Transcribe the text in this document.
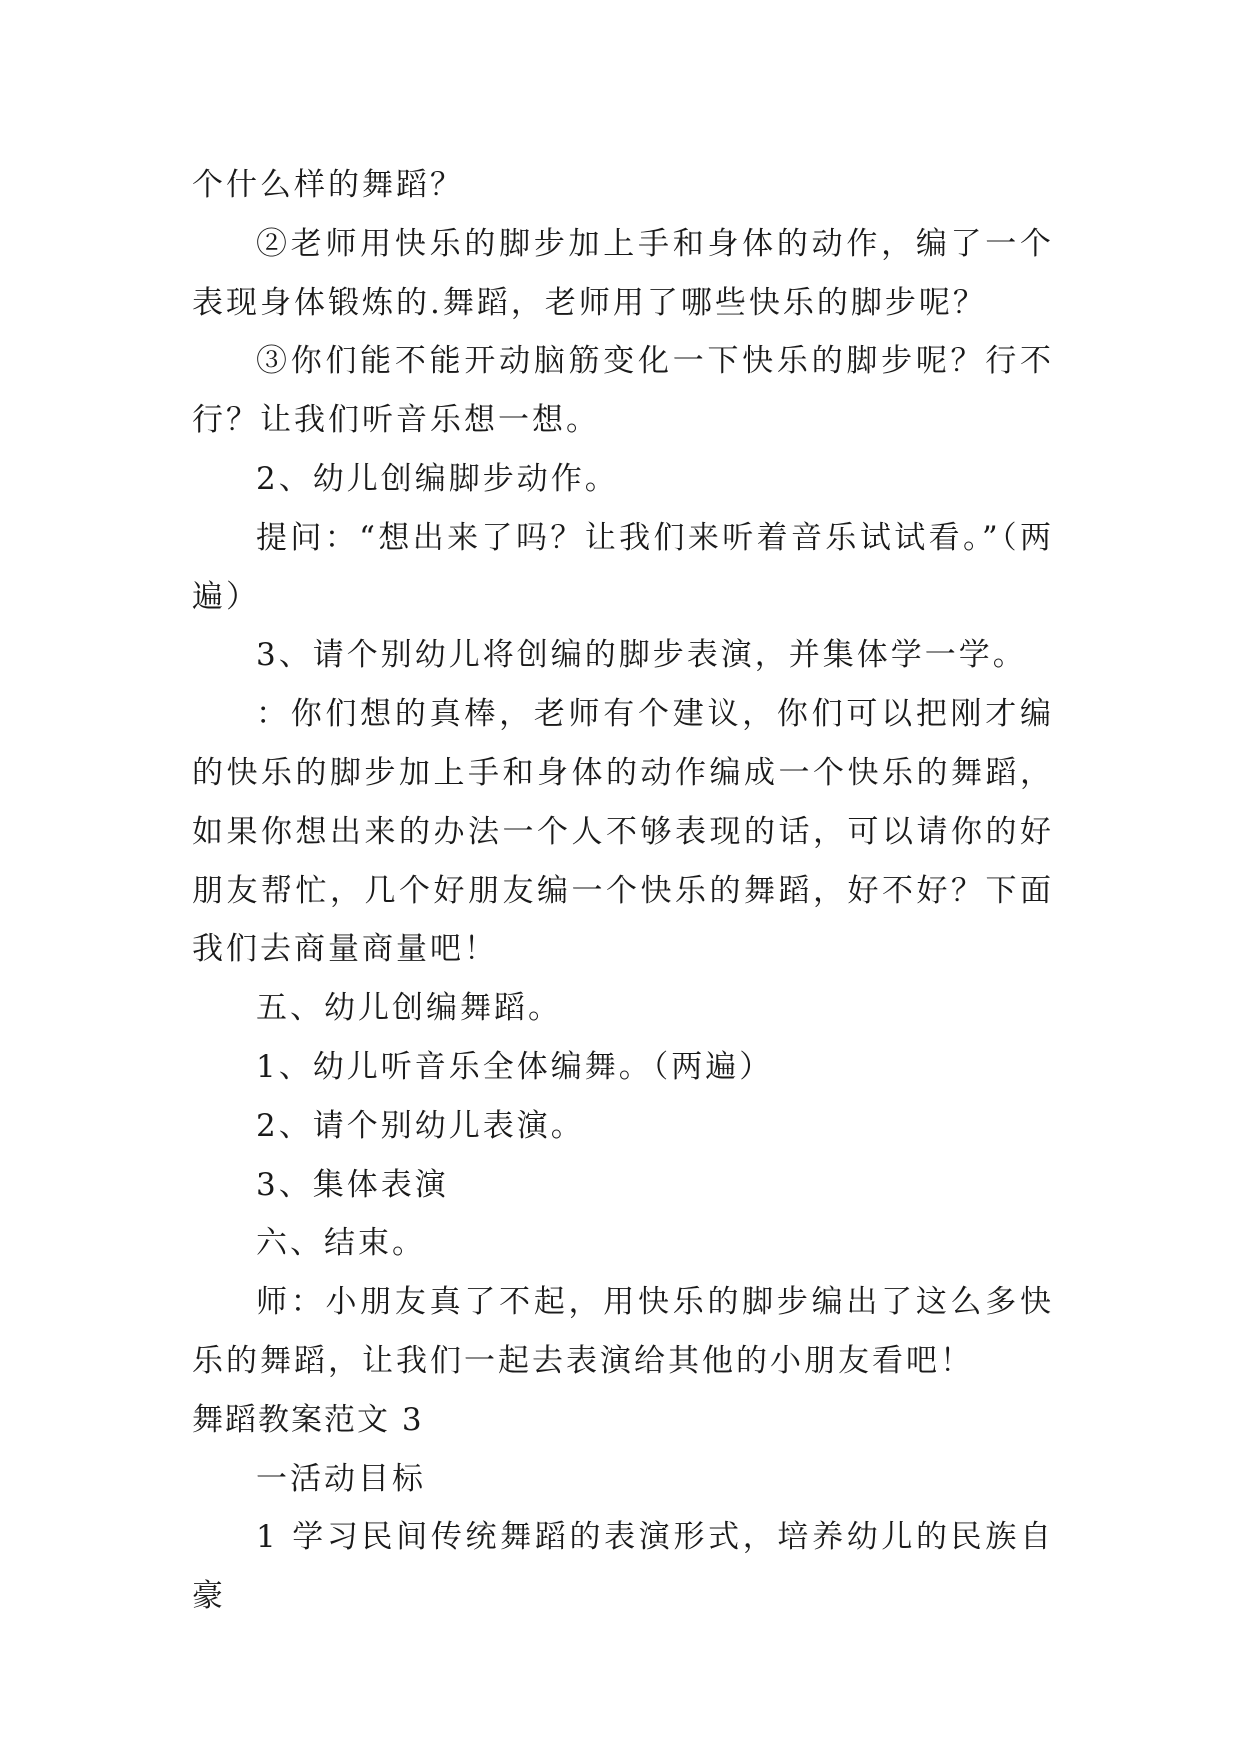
个什么样的舞蹈？

②老师用快乐的脚步加上手和身体的动作，编了一个表现身体锻炼的.舞蹈，老师用了哪些快乐的脚步呢？

③你们能不能开动脑筋变化一下快乐的脚步呢？行不行？让我们听音乐想一想。

2、幼儿创编脚步动作。

提问：“想出来了吗？让我们来听着音乐试试看。”（两遍）

3、请个别幼儿将创编的脚步表演，并集体学一学。

：你们想的真棒，老师有个建议，你们可以把刚才编的快乐的脚步加上手和身体的动作编成一个快乐的舞蹈，如果你想出来的办法一个人不够表现的话，可以请你的好朋友帮忙，几个好朋友编一个快乐的舞蹈，好不好？下面我们去商量商量吧！

五、幼儿创编舞蹈。

1、幼儿听音乐全体编舞。（两遍）

2、请个别幼儿表演。

3、集体表演

六、结束。

师：小朋友真了不起，用快乐的脚步编出了这么多快乐的舞蹈，让我们一起去表演给其他的小朋友看吧！

舞蹈教案范文 3

一活动目标

1 学习民间传统舞蹈的表演形式，培养幼儿的民族自豪
